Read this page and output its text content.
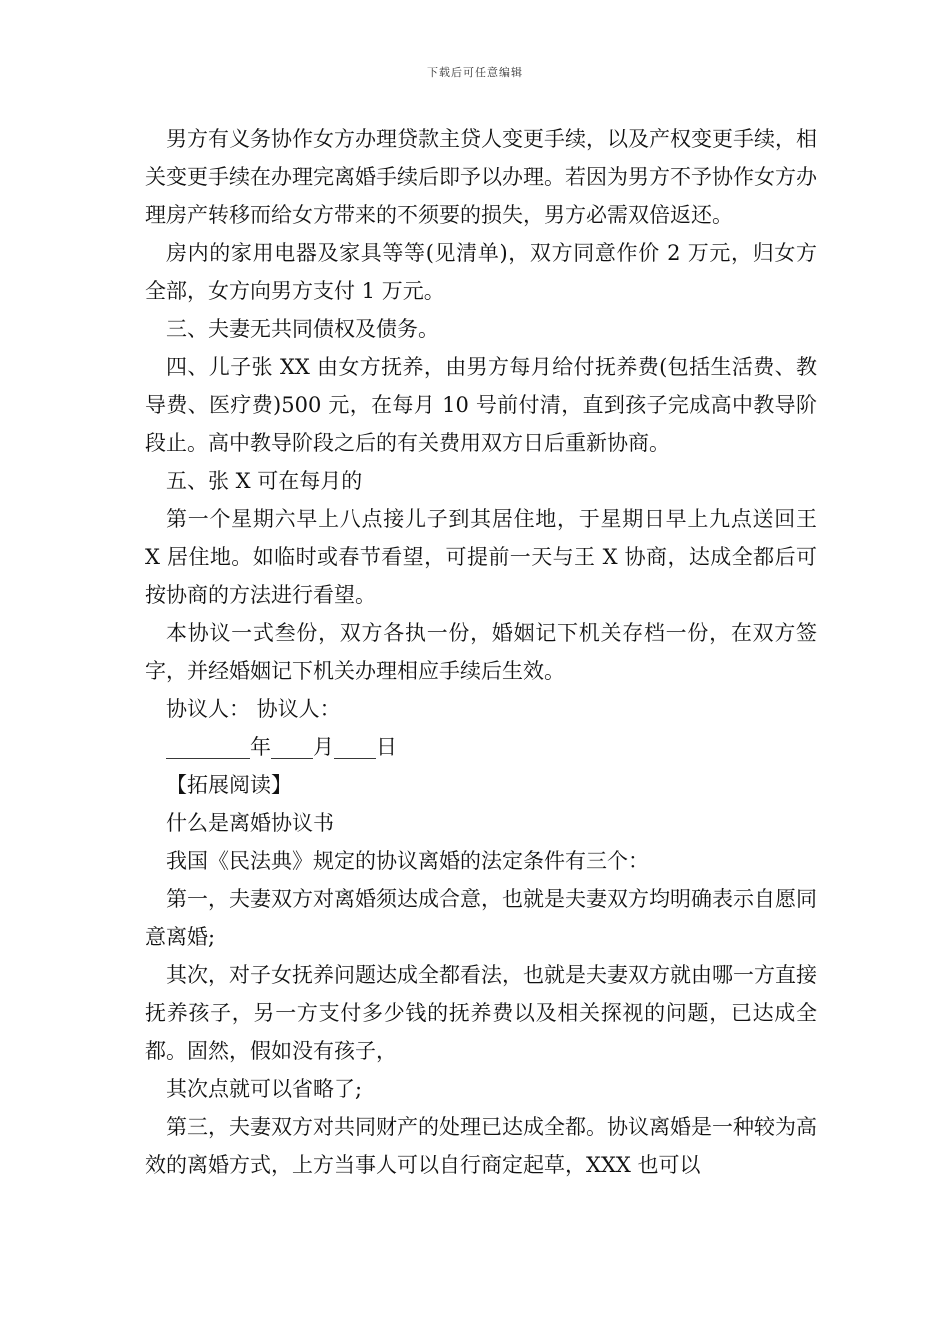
下载后可任意编辑

男方有义务协作女方办理贷款主贷人变更手续，以及产权变更手续，相关变更手续在办理完离婚手续后即予以办理。若因为男方不予协作女方办理房产转移而给女方带来的不须要的损失，男方必需双倍返还。

房内的家用电器及家具等等(见清单)，双方同意作价 2 万元，归女方全部，女方向男方支付 1 万元。

三、夫妻无共同债权及债务。

四、儿子张 XX 由女方抚养，由男方每月给付抚养费(包括生活费、教导费、医疗费)500 元，在每月 10 号前付清，直到孩子完成高中教导阶段止。高中教导阶段之后的有关费用双方日后重新协商。

五、张 X 可在每月的

第一个星期六早上八点接儿子到其居住地，于星期日早上九点送回王 X 居住地。如临时或春节看望，可提前一天与王 X 协商，达成全都后可按协商的方法进行看望。

本协议一式叁份，双方各执一份，婚姻记下机关存档一份，在双方签字，并经婚姻记下机关办理相应手续后生效。

协议人： 协议人：

________年____月____日

【拓展阅读】

什么是离婚协议书

我国《民法典》规定的协议离婚的法定条件有三个：

第一，夫妻双方对离婚须达成合意，也就是夫妻双方均明确表示自愿同意离婚;

其次，对子女抚养问题达成全都看法，也就是夫妻双方就由哪一方直接抚养孩子，另一方支付多少钱的抚养费以及相关探视的问题，已达成全都。固然，假如没有孩子，

其次点就可以省略了;

第三，夫妻双方对共同财产的处理已达成全都。协议离婚是一种较为高效的离婚方式，上方当事人可以自行商定起草，XXX 也可以
